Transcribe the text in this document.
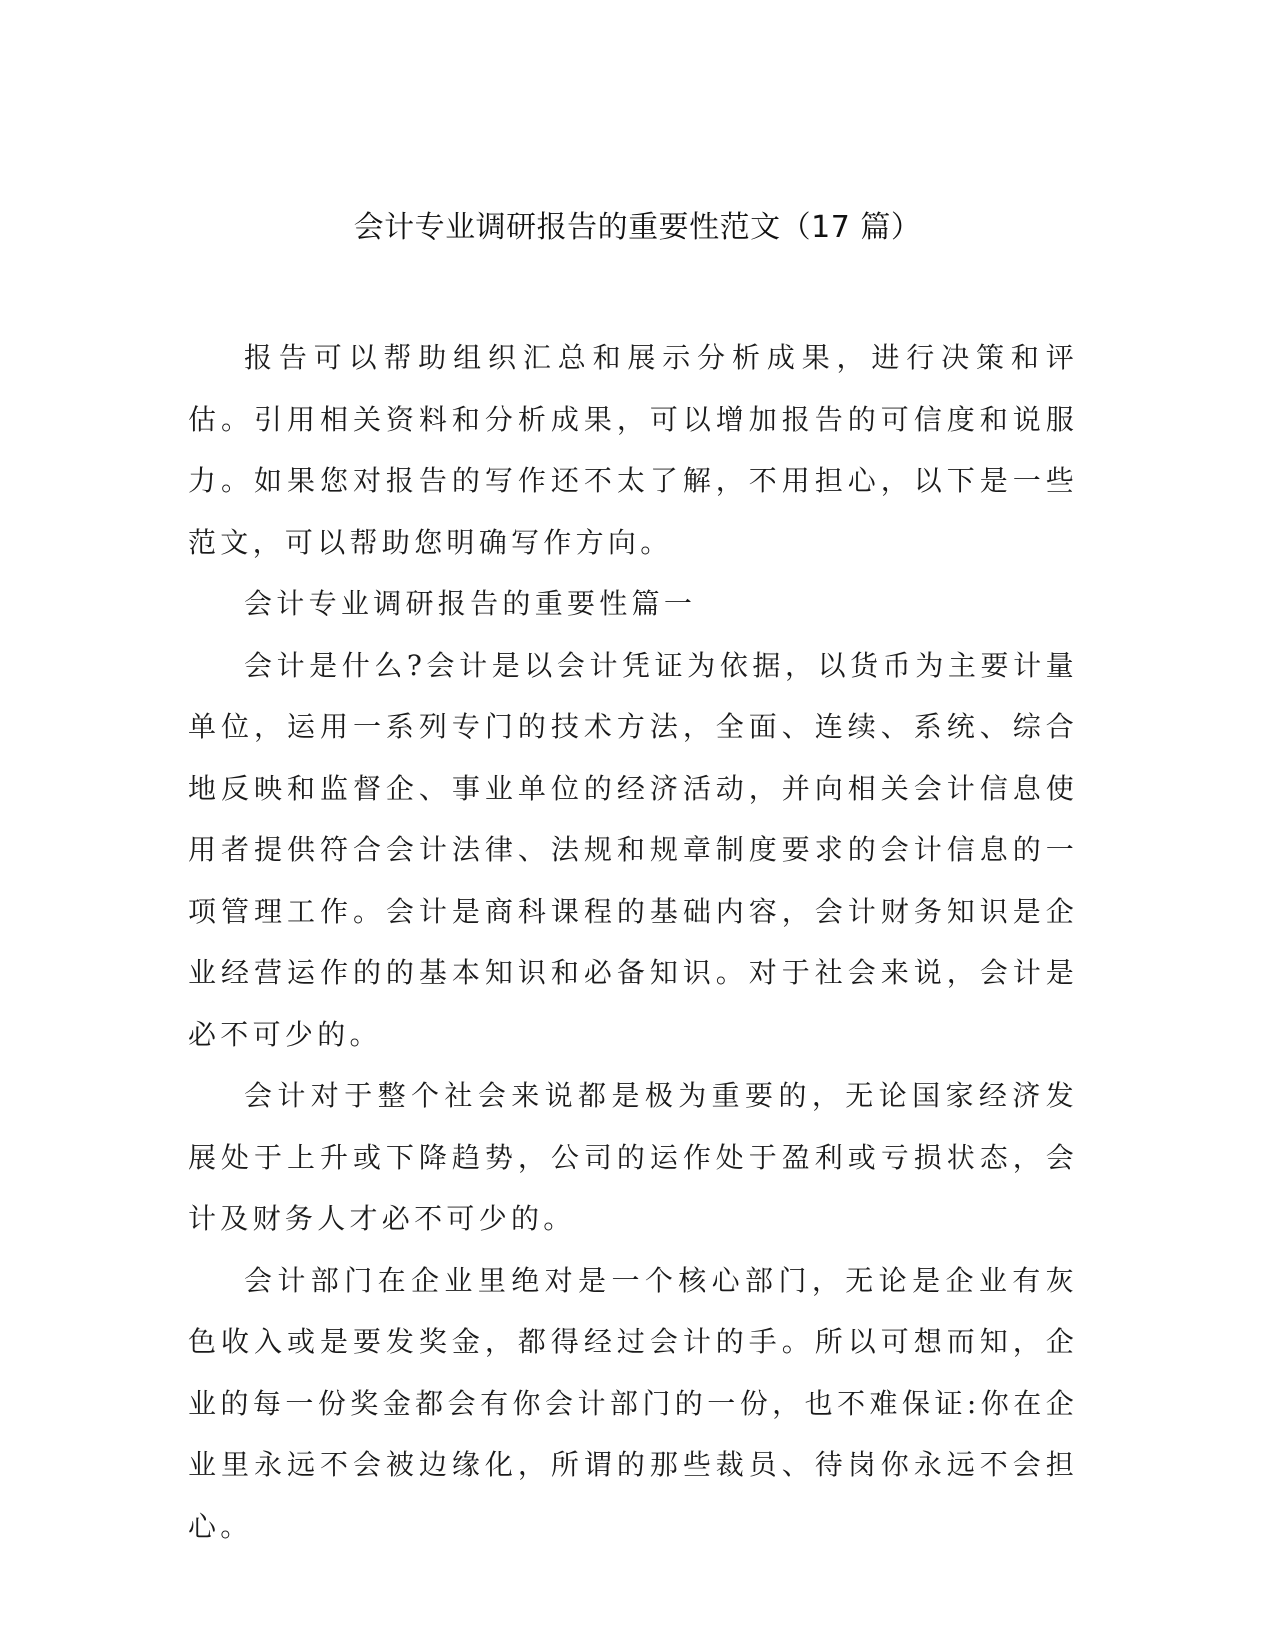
会计专业调研报告的重要性范文（17 篇）

报告可以帮助组织汇总和展示分析成果，进行决策和评估。引用相关资料和分析成果，可以增加报告的可信度和说服力。如果您对报告的写作还不太了解，不用担心，以下是一些范文，可以帮助您明确写作方向。

会计专业调研报告的重要性篇一

会计是什么?会计是以会计凭证为依据，以货币为主要计量单位，运用一系列专门的技术方法，全面、连续、系统、综合地反映和监督企、事业单位的经济活动，并向相关会计信息使用者提供符合会计法律、法规和规章制度要求的会计信息的一项管理工作。会计是商科课程的基础内容，会计财务知识是企业经营运作的的基本知识和必备知识。对于社会来说，会计是必不可少的。

会计对于整个社会来说都是极为重要的，无论国家经济发展处于上升或下降趋势，公司的运作处于盈利或亏损状态，会计及财务人才必不可少的。

会计部门在企业里绝对是一个核心部门，无论是企业有灰色收入或是要发奖金，都得经过会计的手。所以可想而知，企业的每一份奖金都会有你会计部门的一份，也不难保证:你在企业里永远不会被边缘化，所谓的那些裁员、待岗你永远不会担心。
